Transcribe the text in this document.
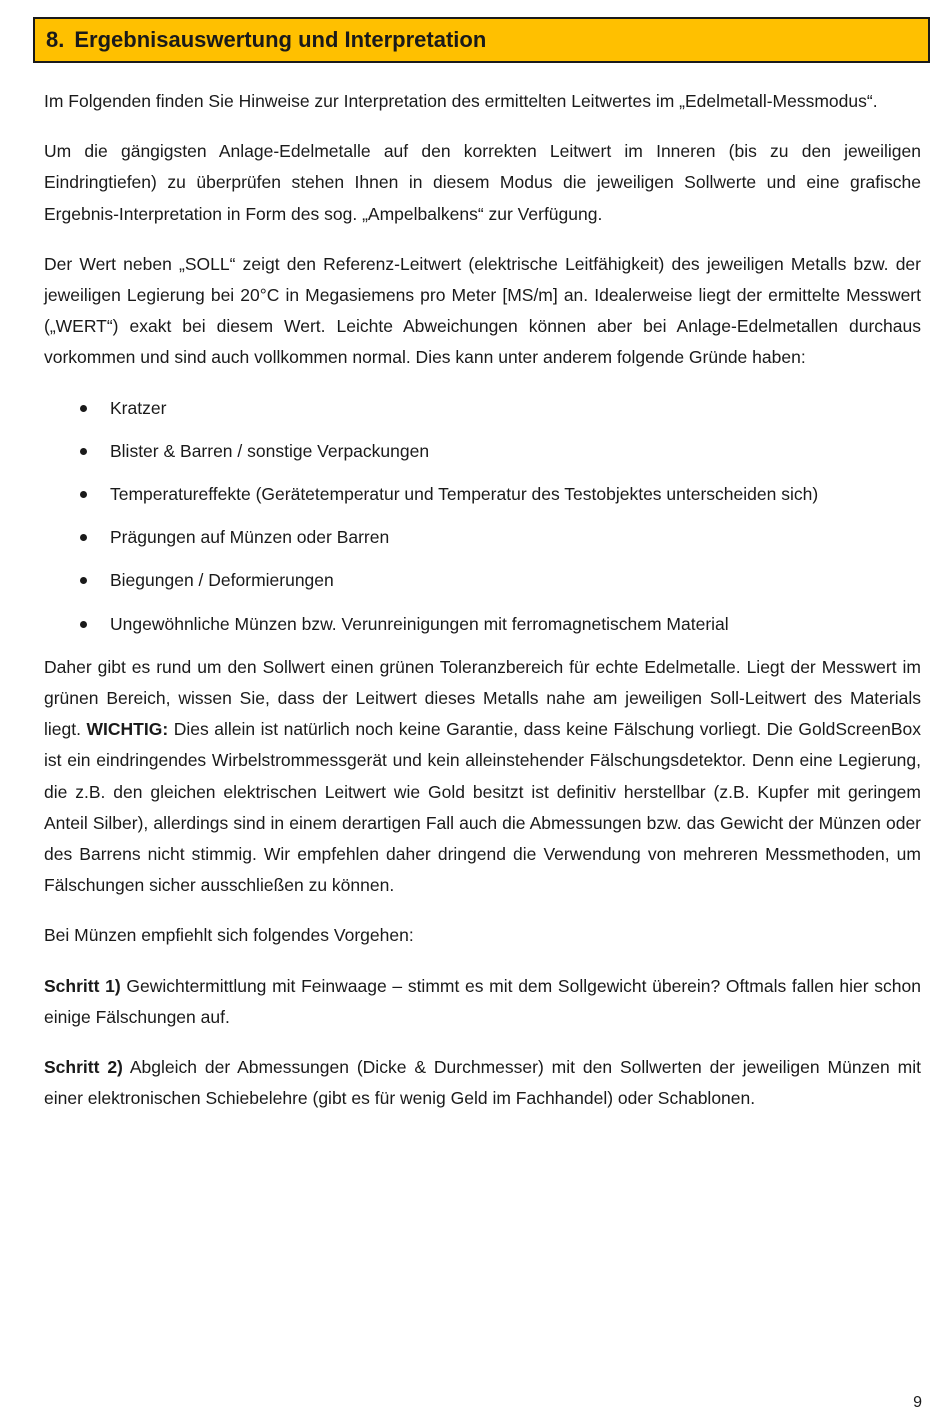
8. Ergebnisauswertung und Interpretation

Im Folgenden finden Sie Hinweise zur Interpretation des ermittelten Leitwertes im „Edelmetall-Messmodus“.

Um die gängigsten Anlage-Edelmetalle auf den korrekten Leitwert im Inneren (bis zu den jeweiligen Eindringtiefen) zu überprüfen stehen Ihnen in diesem Modus die jeweiligen Sollwerte und eine grafische Ergebnis-Interpretation in Form des sog. „Ampelbalkens“ zur Verfügung.

Der Wert neben „SOLL“ zeigt den Referenz-Leitwert (elektrische Leitfähigkeit) des jeweiligen Metalls bzw. der jeweiligen Legierung bei 20°C in Megasiemens pro Meter [MS/m] an. Idealerweise liegt der ermittelte Messwert („WERT“) exakt bei diesem Wert. Leichte Abweichungen können aber bei Anlage-Edelmetallen durchaus vorkommen und sind auch vollkommen normal. Dies kann unter anderem folgende Gründe haben:

Kratzer
Blister & Barren / sonstige Verpackungen
Temperatureffekte (Gerätetemperatur und Temperatur des Testobjektes unterscheiden sich)
Prägungen auf Münzen oder Barren
Biegungen / Deformierungen
Ungewöhnliche Münzen bzw. Verunreinigungen mit ferromagnetischem Material

Daher gibt es rund um den Sollwert einen grünen Toleranzbereich für echte Edelmetalle. Liegt der Messwert im grünen Bereich, wissen Sie, dass der Leitwert dieses Metalls nahe am jeweiligen Soll-Leitwert des Materials liegt. WICHTIG: Dies allein ist natürlich noch keine Garantie, dass keine Fälschung vorliegt. Die GoldScreenBox ist ein eindringendes Wirbelstrommessgerät und kein alleinstehender Fälschungsdetektor. Denn eine Legierung, die z.B. den gleichen elektrischen Leitwert wie Gold besitzt ist definitiv herstellbar (z.B. Kupfer mit geringem Anteil Silber), allerdings sind in einem derartigen Fall auch die Abmessungen bzw. das Gewicht der Münzen oder des Barrens nicht stimmig. Wir empfehlen daher dringend die Verwendung von mehreren Messmethoden, um Fälschungen sicher ausschließen zu können.

Bei Münzen empfiehlt sich folgendes Vorgehen:

Schritt 1) Gewichtermittlung mit Feinwaage – stimmt es mit dem Sollgewicht überein? Oftmals fallen hier schon einige Fälschungen auf.

Schritt 2) Abgleich der Abmessungen (Dicke & Durchmesser) mit den Sollwerten der jeweiligen Münzen mit einer elektronischen Schiebelehre (gibt es für wenig Geld im Fachhandel) oder Schablonen.

9
